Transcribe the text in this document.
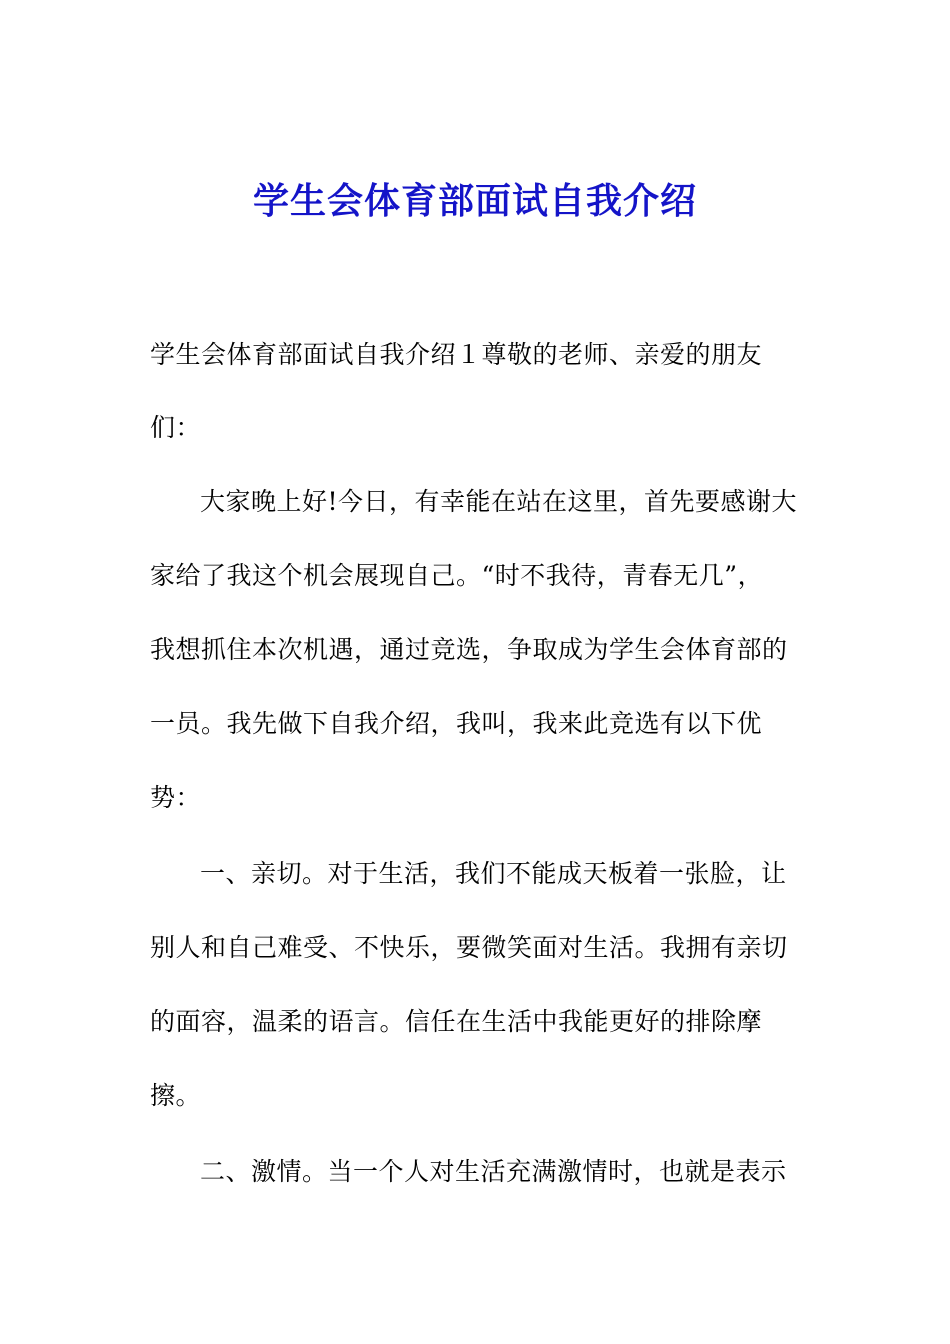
学生会体育部面试自我介绍
学生会体育部面试自我介绍１尊敬的老师、亲爱的朋友
们：
大家晚上好!今日，有幸能在站在这里，首先要感谢大
家给了我这个机会展现自己。“时不我待，青春无几”，
我想抓住本次机遇，通过竞选，争取成为学生会体育部的
一员。我先做下自我介绍，我叫，我来此竞选有以下优
势：
一、亲切。对于生活，我们不能成天板着一张脸，让
别人和自己难受、不快乐，要微笑面对生活。我拥有亲切
的面容，温柔的语言。信任在生活中我能更好的排除摩
擦。
二、激情。当一个人对生活充满激情时，也就是表示
